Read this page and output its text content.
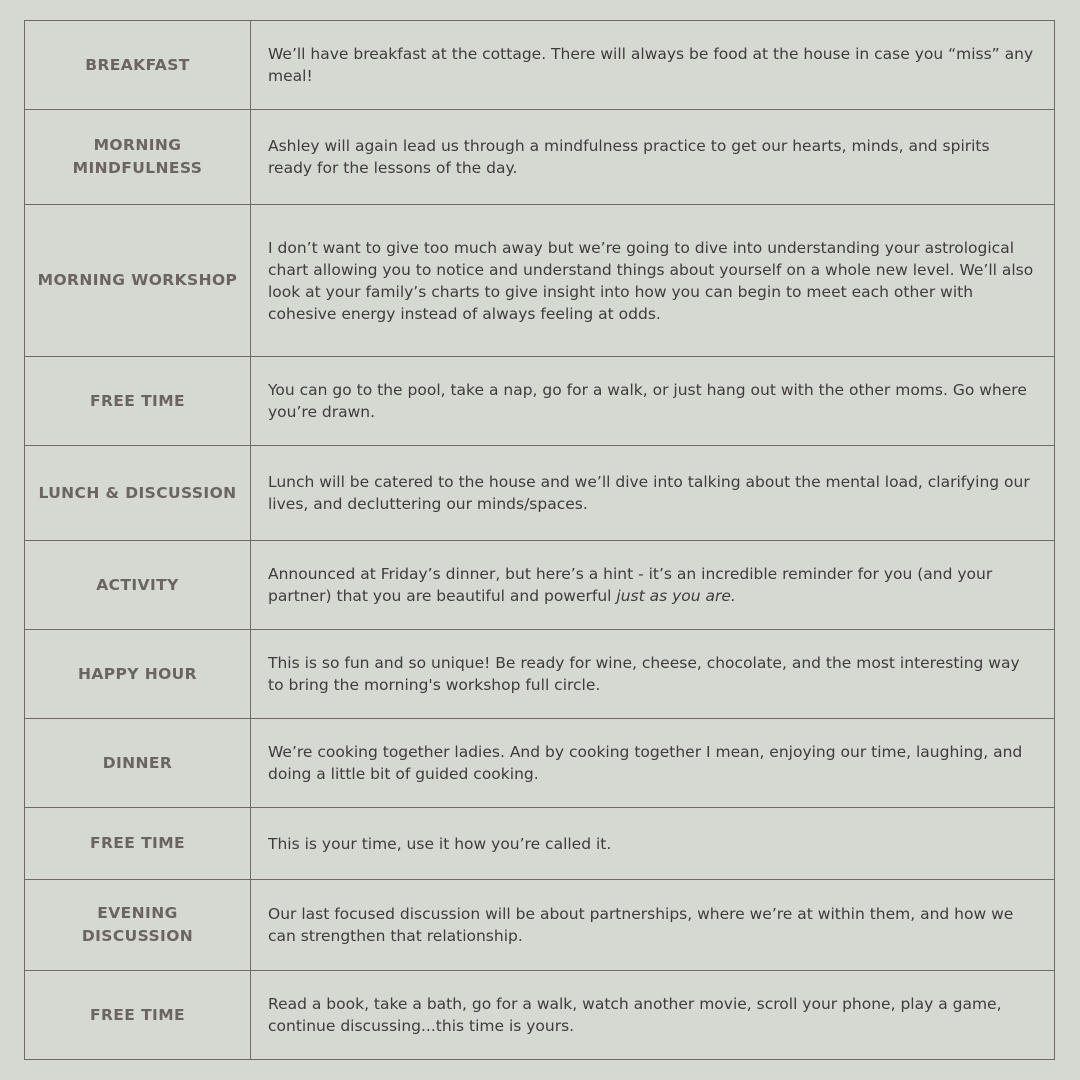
BREAKFAST	We’ll have breakfast at the cottage. There will always be food at the house in case you “miss” any meal!

MORNING
MINDFULNESS	Ashley will again lead us through a mindfulness practice to get our hearts, minds, and spirits ready for the lessons of the day.

MORNING WORKSHOP	I don’t want to give too much away but we’re going to dive into understanding your astrological chart allowing you to notice and understand things about yourself on a whole new level. We’ll also look at your family’s charts to give insight into how you can begin to meet each other with cohesive energy instead of always feeling at odds.

FREE TIME	You can go to the pool, take a nap, go for a walk, or just hang out with the other moms. Go where you’re drawn.

LUNCH & DISCUSSION	Lunch will be catered to the house and we’ll dive into talking about the mental load, clarifying our lives, and decluttering our minds/spaces.

ACTIVITY	Announced at Friday’s dinner, but here’s a hint - it’s an incredible reminder for you (and your partner) that you are beautiful and powerful just as you are.

HAPPY HOUR	This is so fun and so unique! Be ready for wine, cheese, chocolate, and the most interesting way to bring the morning's workshop full circle.

DINNER	We’re cooking together ladies. And by cooking together I mean, enjoying our time, laughing, and doing a little bit of guided cooking.

FREE TIME	This is your time, use it how you’re called it.

EVENING
DISCUSSION	Our last focused discussion will be about partnerships, where we’re at within them, and how we can strengthen that relationship.

FREE TIME	Read a book, take a bath, go for a walk, watch another movie, scroll your phone, play a game, continue discussing...this time is yours.
